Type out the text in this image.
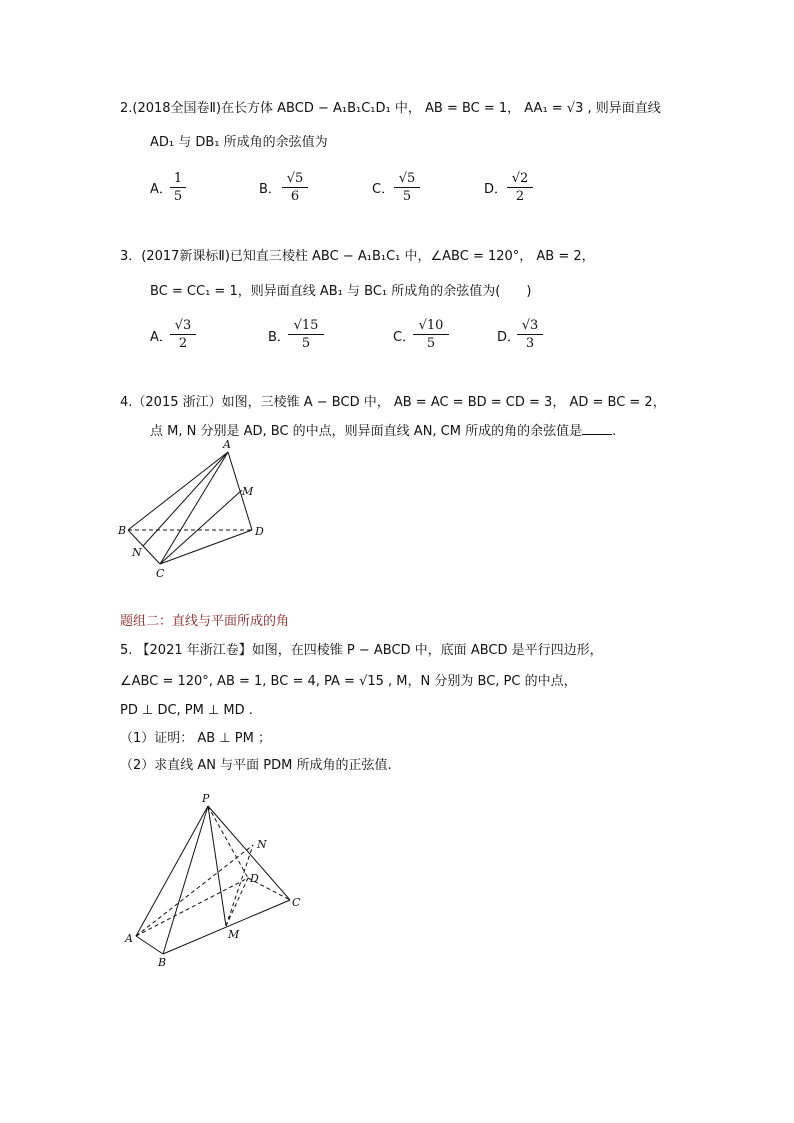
2.(2018全国卷Ⅱ)在长方体 ABCD − A₁B₁C₁D₁ 中， AB = BC = 1， AA₁ = √3 , 则异面直线
AD₁ 与 DB₁ 所成角的余弦值为
A．
1
5	B．
√5
6	C．
√5
5	D．
√2
2
3．(2017新课标Ⅱ)已知直三棱柱 ABC − A₁B₁C₁ 中，∠ABC = 120°， AB = 2，
BC = CC₁ = 1，则异面直线 AB₁ 与 BC₁ 所成角的余弦值为(　　)
A．
√3
2	B．
√15
5	C．
√10
5	D．
√3
3
4.（2015 浙江）如图，三棱锥 A − BCD 中， AB = AC = BD = CD = 3， AD = BC = 2，
点 M, N 分别是 AD, BC 的中点，则异面直线 AN, CM 所成的角的余弦值是 .
A
B
C
D
M
N
题组二：直线与平面所成的角
5. 【2021 年浙江卷】如图，在四棱锥 P − ABCD 中，底面 ABCD 是平行四边形，
∠ABC = 120°, AB = 1, BC = 4, PA = √15 , M，N 分别为 BC, PC 的中点，
PD ⊥ DC, PM ⊥ MD .
（1）证明： AB ⊥ PM ；
（2）求直线 AN 与平面 PDM 所成角的正弦值.
P
A
B
C
D
M
N
